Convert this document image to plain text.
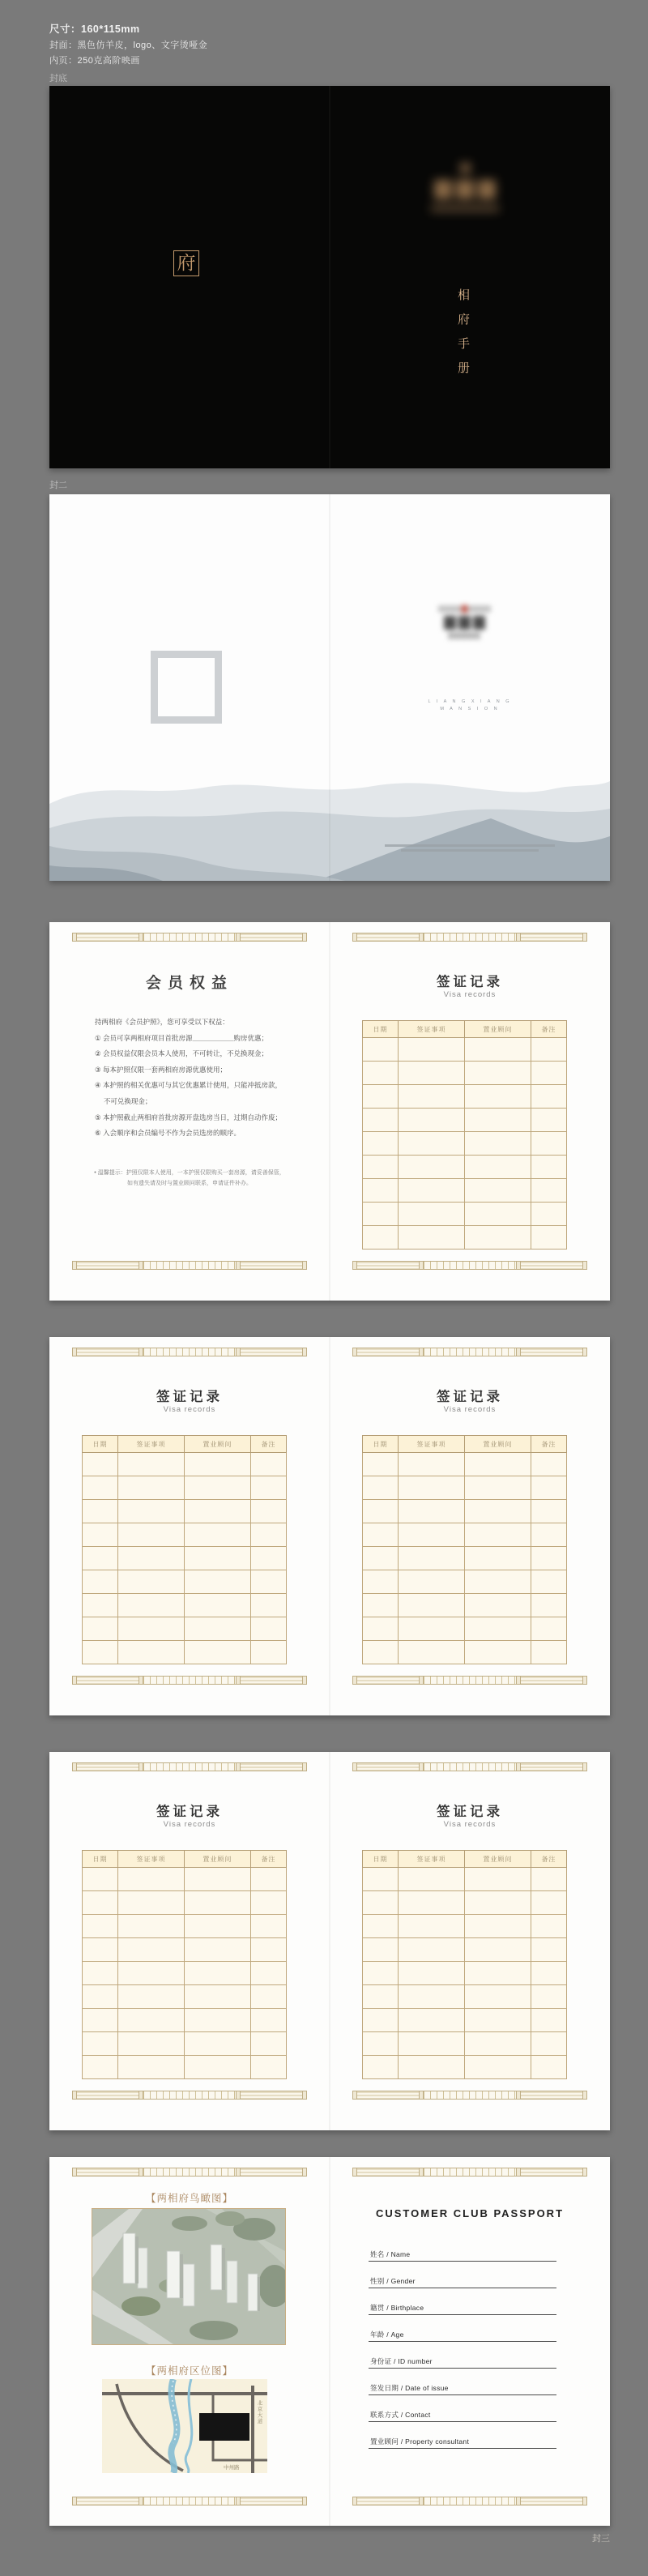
尺寸：160*115mm
封面：黑色仿羊皮，logo、文字烫哑金
内页：250克高阶映画
封底
封二
封三
府
相
府
手
册
L I A N G X I A N G
M A N S I O N
会员权益
持两相府《会员护照》，您可享受以下权益：
① 会员可享两相府项目首批房源＿＿＿＿＿＿购房优惠；
② 会员权益仅限会员本人使用，不可转让，不兑换现金；
③ 每本护照仅限一套两相府房源优惠使用；
④ 本护照的相关优惠可与其它优惠累计使用，只能冲抵房款，
　 不可兑换现金；
⑤ 本护照截止两相府首批房源开盘选房当日，过期自动作废；
⑥ 入会顺序和会员编号不作为会员选房的顺序。
• 温馨提示：护照仅限本人使用，一本护照仅限购买一套房源，请妥善保管，
如有遗失请及时与置业顾问联系，申请证件补办。
签证记录
Visa records
日期	签证事项	置业顾问	备注

签证记录
Visa records
日期	签证事项	置业顾问	备注

签证记录
Visa records
日期	签证事项	置业顾问	备注

签证记录
Visa records
日期	签证事项	置业顾问	备注

签证记录
Visa records
日期	签证事项	置业顾问	备注

【两相府鸟瞰图】
【两相府区位图】
北京大道
中州路
CUSTOMER CLUB PASSPORT
姓名 / Name
性别 / Gender
籍贯 / Birthplace
年龄 / Age
身份证 / ID number
签发日期 / Date of issue
联系方式 / Contact
置业顾问 / Property consultant
